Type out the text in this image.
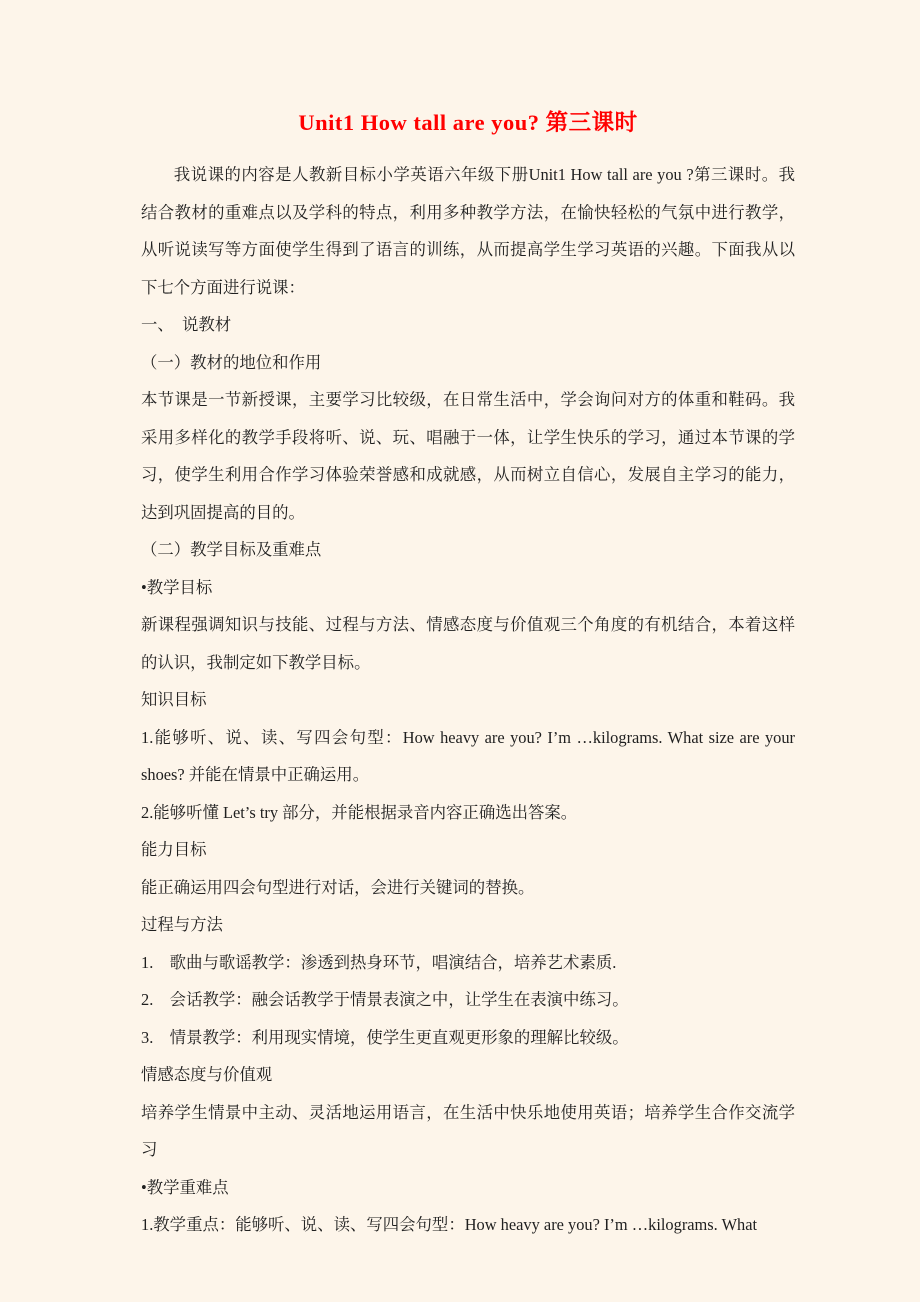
Unit1 How tall are you? 第三课时

我说课的内容是人教新目标小学英语六年级下册Unit1 How tall are you ?第三课时。我结合教材的重难点以及学科的特点，利用多种教学方法，在愉快轻松的气氛中进行教学，从听说读写等方面使学生得到了语言的训练，从而提高学生学习英语的兴趣。下面我从以下七个方面进行说课：

一、　说教材

（一）教材的地位和作用

本节课是一节新授课，主要学习比较级，在日常生活中，学会询问对方的体重和鞋码。我采用多样化的教学手段将听、说、玩、唱融于一体，让学生快乐的学习，通过本节课的学习，使学生利用合作学习体验荣誉感和成就感，从而树立自信心，发展自主学习的能力，达到巩固提高的目的。

（二）教学目标及重难点

•教学目标

新课程强调知识与技能、过程与方法、情感态度与价值观三个角度的有机结合，本着这样的认识，我制定如下教学目标。

知识目标

1.能够听、说、读、写四会句型：How heavy are you? I’m …kilograms. What size are your shoes? 并能在情景中正确运用。

2.能够听懂 Let’s try 部分，并能根据录音内容正确选出答案。

能力目标

能正确运用四会句型进行对话，会进行关键词的替换。

过程与方法

1.　歌曲与歌谣教学：渗透到热身环节，唱演结合，培养艺术素质.

2.　会话教学：融会话教学于情景表演之中，让学生在表演中练习。

3.　情景教学：利用现实情境，使学生更直观更形象的理解比较级。

情感态度与价值观

培养学生情景中主动、灵活地运用语言，在生活中快乐地使用英语；培养学生合作交流学习

•教学重难点

1.教学重点：能够听、说、读、写四会句型：How heavy are you? I’m …kilograms. What
